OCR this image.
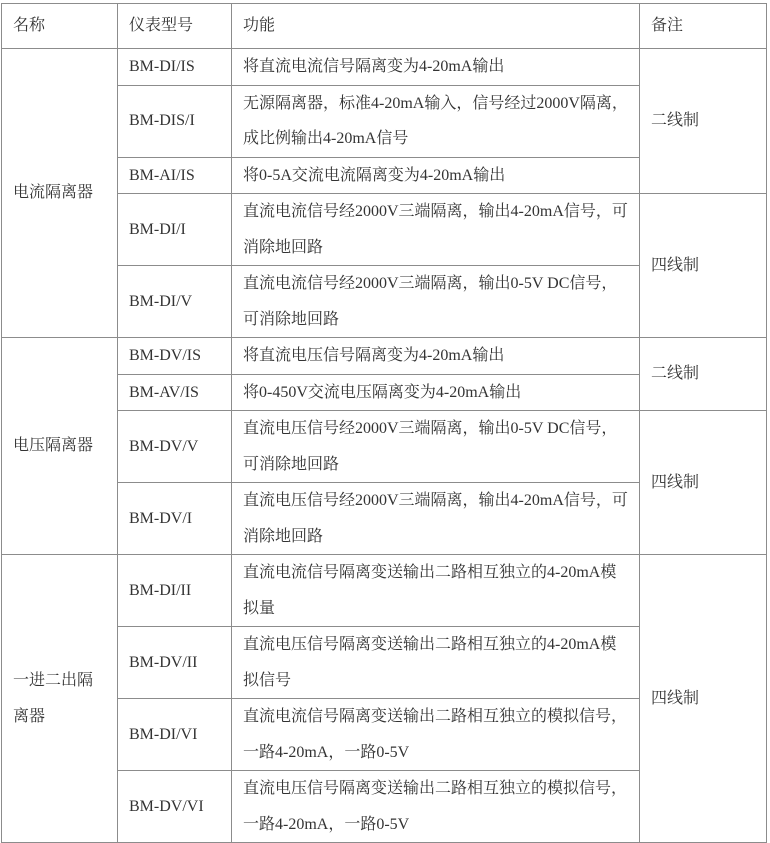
名称	仪表型号	功能	备注
电流隔离器	BM-DI/IS	将直流电流信号隔离变为4-20mA输出	二线制
	BM-DIS/I	无源隔离器，标准4-20mA输入，信号经过2000V隔离，成比例输出4-20mA信号	
	BM-AI/IS	将0-5A交流电流隔离变为4-20mA输出	
	BM-DI/I	直流电流信号经2000V三端隔离，输出4-20mA信号，可消除地回路	四线制
	BM-DI/V	直流电流信号经2000V三端隔离，输出0-5V DC信号，可消除地回路	
电压隔离器	BM-DV/IS	将直流电压信号隔离变为4-20mA输出	二线制
	BM-AV/IS	将0-450V交流电压隔离变为4-20mA输出	
	BM-DV/V	直流电压信号经2000V三端隔离，输出0-5V DC信号，可消除地回路	四线制
	BM-DV/I	直流电压信号经2000V三端隔离，输出4-20mA信号，可消除地回路	
一进二出隔离器	BM-DI/II	直流电流信号隔离变送输出二路相互独立的4-20mA模拟量	四线制
	BM-DV/II	直流电压信号隔离变送输出二路相互独立的4-20mA模拟信号	
	BM-DI/VI	直流电流信号隔离变送输出二路相互独立的模拟信号，一路4-20mA，一路0-5V	
	BM-DV/VI	直流电压信号隔离变送输出二路相互独立的模拟信号，一路4-20mA，一路0-5V	
